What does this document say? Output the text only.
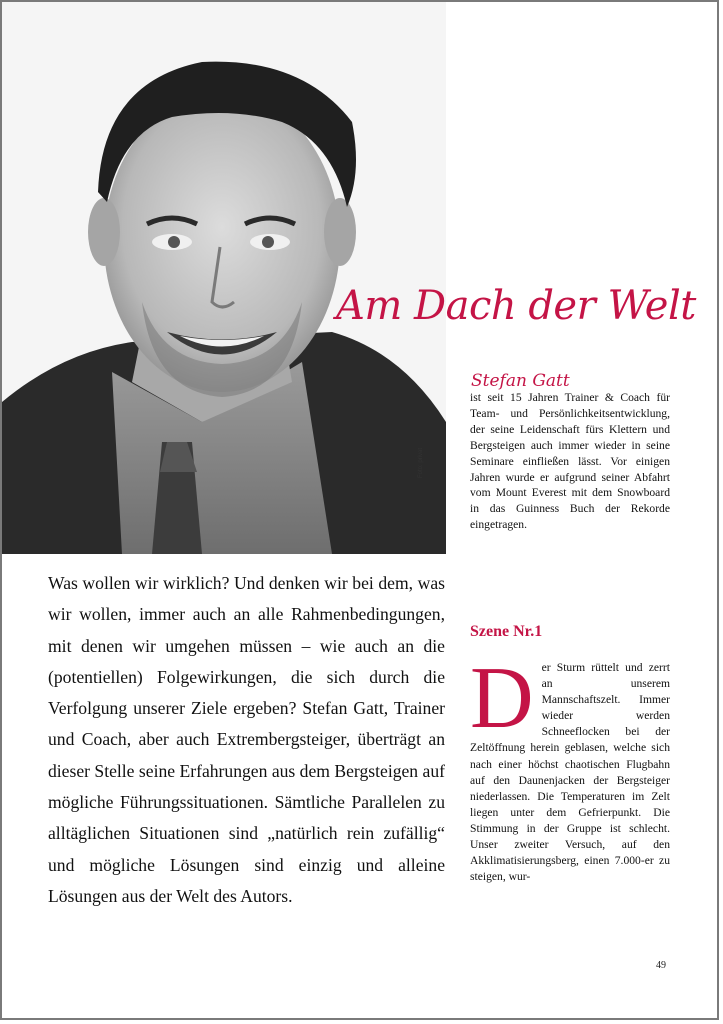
Foto: privat
Am Dach der Welt
Stefan Gatt
ist seit 15 Jahren Trainer & Coach für Team- und Persönlichkeitsentwicklung, der seine Leidenschaft fürs Klettern und Bergsteigen auch immer wieder in seine Seminare einfließen lässt. Vor einigen Jahren wurde er aufgrund seiner Abfahrt vom Mount Everest mit dem Snowboard in das Guinness Buch der Rekorde eingetragen.
Was wollen wir wirklich? Und denken wir bei dem, was wir wollen, immer auch an alle Rahmenbedingungen, mit denen wir umgehen müssen – wie auch an die (potentiellen) Folgewirkungen, die sich durch die Verfolgung unserer Ziele ergeben? Stefan Gatt, Trainer und Coach, aber auch Extrembergsteiger, überträgt an dieser Stelle seine Erfahrungen aus dem Bergsteigen auf mögliche Führungssituationen. Sämtliche Parallelen zu alltäglichen Situationen sind „natürlich rein zufällig“ und mögliche Lösungen sind einzig und alleine Lösungen aus der Welt des Autors.
Szene Nr.1
Der Sturm rüttelt und zerrt an unserem Mannschaftszelt. Immer wieder werden Schneeflocken bei der Zeltöffnung herein geblasen, welche sich nach einer höchst chaotischen Flugbahn auf den Daunenjacken der Bergsteiger niederlassen. Die Temperaturen im Zelt liegen unter dem Gefrierpunkt. Die Stimmung in der Gruppe ist schlecht. Unser zweiter Versuch, auf den Akklimatisierungsberg, einen 7.000-er zu steigen, wur-
49
